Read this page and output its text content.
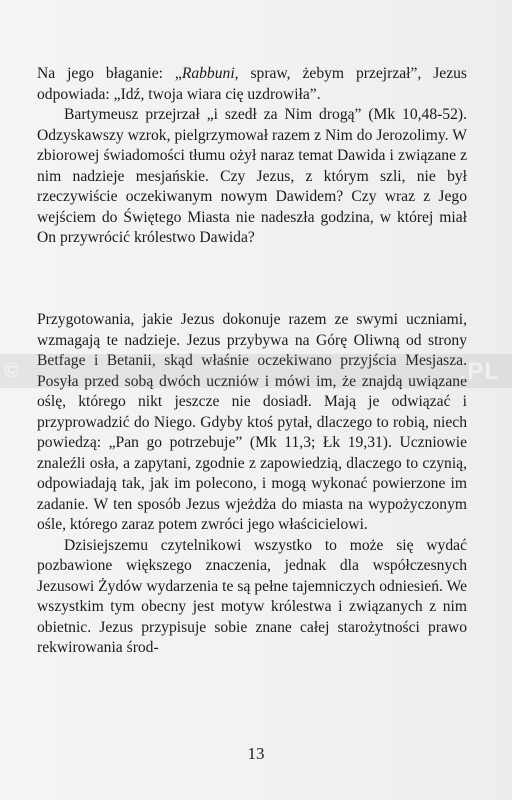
Na jego błaganie: „Rabbuni, spraw, żebym przejrzał”, Jezus odpowiada: „Idź, twoja wiara cię uzdrowiła”.

Bartymeusz przejrzał „i szedł za Nim drogą” (Mk 10,48-52). Odzyskawszy wzrok, pielgrzymował razem z Nim do Jerozolimy. W zbiorowej świadomości tłumu ożył naraz temat Dawida i związane z nim nadzieje mesjańskie. Czy Jezus, z którym szli, nie był rzeczywiście oczekiwanym nowym Dawidem? Czy wraz z Jego wejściem do Świętego Miasta nie nadeszła godzina, w której miał On przywrócić królestwo Dawida?

Przygotowania, jakie Jezus dokonuje razem ze swymi uczniami, wzmagają te nadzieje. Jezus przybywa na Górę Oliwną od strony Betfage i Betanii, skąd właśnie oczekiwano przyjścia Mesjasza. Posyła przed sobą dwóch uczniów i mówi im, że znajdą uwiązane oślę, którego nikt jeszcze nie dosiadł. Mają je odwiązać i przyprowadzić do Niego. Gdyby ktoś pytał, dlaczego to robią, niech powiedzą: „Pan go potrzebuje” (Mk 11,3; Łk 19,31). Uczniowie znaleźli osła, a zapytani, zgodnie z zapowiedzią, dlaczego to czynią, odpowiadają tak, jak im polecono, i mogą wykonać powierzone im zadanie. W ten sposób Jezus wjeżdża do miasta na wypożyczonym ośle, którego zaraz potem zwróci jego właścicielowi.

Dzisiejszemu czytelnikowi wszystko to może się wydać pozbawione większego znaczenia, jednak dla współczesnych Jezusowi Żydów wydarzenia te są pełne tajemniczych odniesień. We wszystkim tym obecny jest motyw królestwa i związanych z nim obietnic. Jezus przypisuje sobie znane całej starożytności prawo rekwirowania środ-

©	.PL
13
